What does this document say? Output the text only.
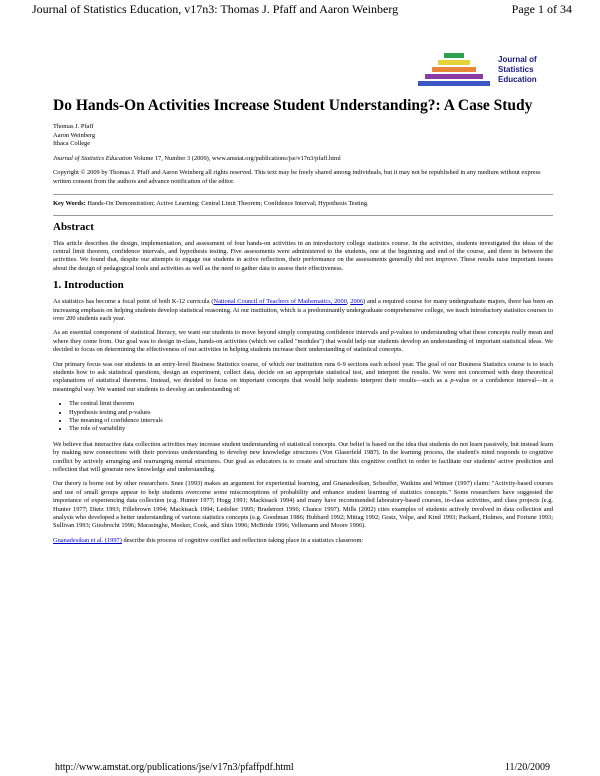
Journal of Statistics Education, v17n3: Thomas J. Pfaff and Aaron Weinberg	Page 1 of 34
Journal of
Statistics
Education
Do Hands-On Activities Increase Student Understanding?: A Case Study
Thomas J. Pfaff
Aaron Weinberg
Ithaca College
Journal of Statistics Education Volume 17, Number 3 (2009), www.amstat.org/publications/jse/v17n3/pfaff.html
Copyright © 2009 by Thomas J. Pfaff and Aaron Weinberg all rights reserved. This text may be freely shared among individuals, but it may not be republished in any medium without express written consent from the authors and advance notification of the editor.
Key Words: Hands-On Demonstration; Active Learning; Central Limit Theorem; Confidence Interval; Hypothesis Testing.
Abstract

This article describes the design, implementation, and assessment of four hands-on activities in an introductory college statistics course. In the activities, students investigated the ideas of the central limit theorem, confidence intervals, and hypothesis testing. Five assessments were administered to the students, one at the beginning and end of the course, and three in between the activities. We found that, despite our attempts to engage our students in active reflection, their performance on the assessments generally did not improve. These results raise important issues about the design of pedagogical tools and activities as well as the need to gather data to assess their effectiveness.

1. Introduction

As statistics has become a focal point of both K-12 curricula (National Council of Teachers of Mathematics, 2000, 2006) and a required course for many undergraduate majors, there has been an increasing emphasis on helping students develop statistical reasoning. At our institution, which is a predominantly undergraduate comprehensive college, we teach introductory statistics courses to over 200 students each year.

As an essential component of statistical literacy, we want our students to move beyond simply computing confidence intervals and p-values to understanding what these concepts really mean and where they come from. Our goal was to design in-class, hands-on activities (which we called "modules") that would help our students develop an understanding of important statistical ideas. We decided to focus on determining the effectiveness of our activities in helping students increase their understanding of statistical concepts.

Our primary focus was our students in an entry-level Business Statistics course, of which our institution runs 6-9 sections each school year. The goal of our Business Statistics course is to teach students how to ask statistical questions, design an experiment, collect data, decide on an appropriate statistical test, and interpret the results. We were not concerned with deep theoretical explanations of statistical theorems. Instead, we decided to focus on important concepts that would help students interpret their results—such as a p-value or a confidence interval—in a meaningful way. We wanted our students to develop an understanding of:

• The central limit theorem
• Hypothesis testing and p-values
• The meaning of confidence intervals
• The role of variability

We believe that interactive data collection activities may increase student understanding of statistical concepts. Our belief is based on the idea that students do not learn passively, but instead learn by making new connections with their previous understanding to develop new knowledge structures (Von Glaserfeld 1987). In the learning process, the student's mind responds to cognitive conflict by actively arranging and rearranging mental structures. Our goal as educators is to create and structure this cognitive conflict in order to facilitate our students' active prediction and reflection that will generate new knowledge and understanding.

Our theory is borne out by other researchers. Snee (1993) makes an argument for experiential learning, and Gnanadesikan, Scheaffer, Watkins and Witmer (1997) claim: "Activity-based courses and use of small groups appear to help students overcome some misconceptions of probability and enhance student learning of statistics concepts." Some researchers have suggested the importance of experiencing data collection (e.g. Hunter 1977; Hogg 1991; Mackisack 1994) and many have recommended laboratory-based courses, in-class activities, and class projects (e.g. Hunter 1977; Dietz 1993; Fillebrown 1994; Mackisack 1994; Ledolter 1995; Bradstreet 1996; Chance 1997). Mills (2002) cites examples of students actively involved in data collection and analysis who developed a better understanding of various statistics concepts (e.g. Goodman 1986; Hubbard 1992; Mittag 1992; Gratz, Volpe, and Kind 1993; Packard, Holmes, and Fortune 1993; Sullivan 1993; Giesbrecht 1996; Marasinghe, Meeker, Cook, and Shin 1996; McBride 1996; Vellemann and Moore 1996).

Gnanadesikan et al. (1997) describe this process of cognitive conflict and reflection taking place in a statistics classroom:

http://www.amstat.org/publications/jse/v17n3/pfaffpdf.html	11/20/2009
